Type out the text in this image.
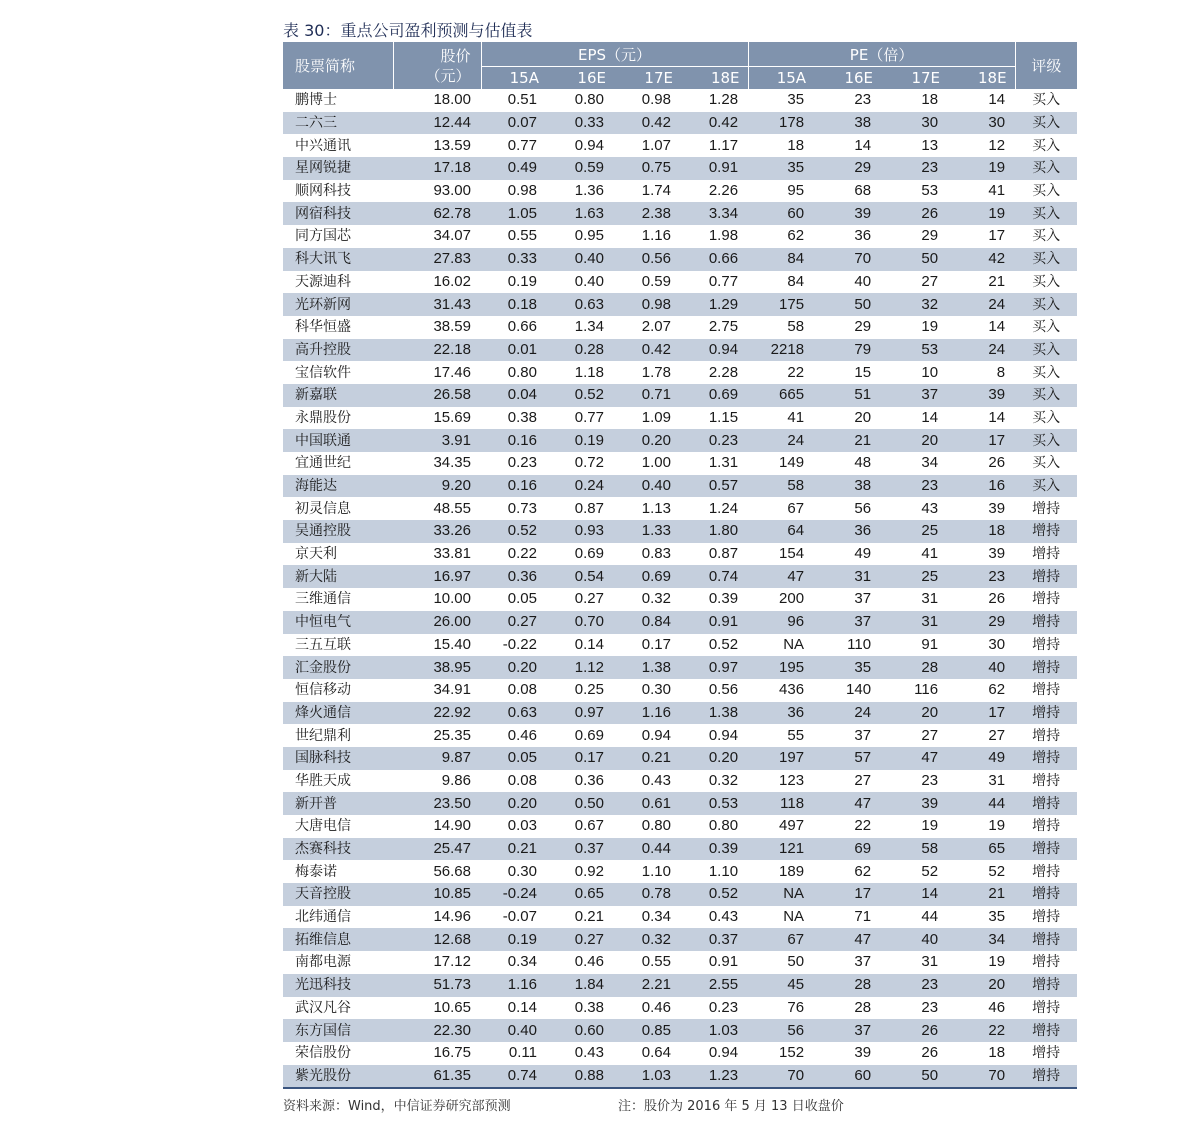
表 30：重点公司盈利预测与估值表
股票简称	股价
（元）	EPS（元）				PE（倍）				评级
		15A	16E	17E	18E	15A	16E	17E	18E	
鹏博士	18.00	0.51	0.80	0.98	1.28	35	23	18	14	买入
二六三	12.44	0.07	0.33	0.42	0.42	178	38	30	30	买入
中兴通讯	13.59	0.77	0.94	1.07	1.17	18	14	13	12	买入
星网锐捷	17.18	0.49	0.59	0.75	0.91	35	29	23	19	买入
顺网科技	93.00	0.98	1.36	1.74	2.26	95	68	53	41	买入
网宿科技	62.78	1.05	1.63	2.38	3.34	60	39	26	19	买入
同方国芯	34.07	0.55	0.95	1.16	1.98	62	36	29	17	买入
科大讯飞	27.83	0.33	0.40	0.56	0.66	84	70	50	42	买入
天源迪科	16.02	0.19	0.40	0.59	0.77	84	40	27	21	买入
光环新网	31.43	0.18	0.63	0.98	1.29	175	50	32	24	买入
科华恒盛	38.59	0.66	1.34	2.07	2.75	58	29	19	14	买入
高升控股	22.18	0.01	0.28	0.42	0.94	2218	79	53	24	买入
宝信软件	17.46	0.80	1.18	1.78	2.28	22	15	10	8	买入
新嘉联	26.58	0.04	0.52	0.71	0.69	665	51	37	39	买入
永鼎股份	15.69	0.38	0.77	1.09	1.15	41	20	14	14	买入
中国联通	3.91	0.16	0.19	0.20	0.23	24	21	20	17	买入
宜通世纪	34.35	0.23	0.72	1.00	1.31	149	48	34	26	买入
海能达	9.20	0.16	0.24	0.40	0.57	58	38	23	16	买入
初灵信息	48.55	0.73	0.87	1.13	1.24	67	56	43	39	增持
吴通控股	33.26	0.52	0.93	1.33	1.80	64	36	25	18	增持
京天利	33.81	0.22	0.69	0.83	0.87	154	49	41	39	增持
新大陆	16.97	0.36	0.54	0.69	0.74	47	31	25	23	增持
三维通信	10.00	0.05	0.27	0.32	0.39	200	37	31	26	增持
中恒电气	26.00	0.27	0.70	0.84	0.91	96	37	31	29	增持
三五互联	15.40	-0.22	0.14	0.17	0.52	NA	110	91	30	增持
汇金股份	38.95	0.20	1.12	1.38	0.97	195	35	28	40	增持
恒信移动	34.91	0.08	0.25	0.30	0.56	436	140	116	62	增持
烽火通信	22.92	0.63	0.97	1.16	1.38	36	24	20	17	增持
世纪鼎利	25.35	0.46	0.69	0.94	0.94	55	37	27	27	增持
国脉科技	9.87	0.05	0.17	0.21	0.20	197	57	47	49	增持
华胜天成	9.86	0.08	0.36	0.43	0.32	123	27	23	31	增持
新开普	23.50	0.20	0.50	0.61	0.53	118	47	39	44	增持
大唐电信	14.90	0.03	0.67	0.80	0.80	497	22	19	19	增持
杰赛科技	25.47	0.21	0.37	0.44	0.39	121	69	58	65	增持
梅泰诺	56.68	0.30	0.92	1.10	1.10	189	62	52	52	增持
天音控股	10.85	-0.24	0.65	0.78	0.52	NA	17	14	21	增持
北纬通信	14.96	-0.07	0.21	0.34	0.43	NA	71	44	35	增持
拓维信息	12.68	0.19	0.27	0.32	0.37	67	47	40	34	增持
南都电源	17.12	0.34	0.46	0.55	0.91	50	37	31	19	增持
光迅科技	51.73	1.16	1.84	2.21	2.55	45	28	23	20	增持
武汉凡谷	10.65	0.14	0.38	0.46	0.23	76	28	23	46	增持
东方国信	22.30	0.40	0.60	0.85	1.03	56	37	26	22	增持
荣信股份	16.75	0.11	0.43	0.64	0.94	152	39	26	18	增持
紫光股份	61.35	0.74	0.88	1.03	1.23	70	60	50	70	增持
资料来源：Wind，中信证券研究部预测	注：股价为 2016 年 5 月 13 日收盘价
